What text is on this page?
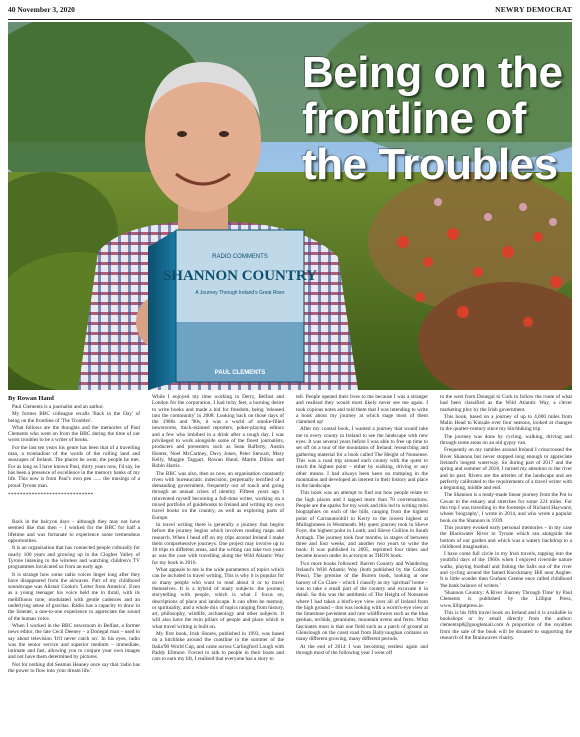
40 November 3, 2020	NEWRY DEMOCRAT
RADIO COMMENTS
SHANNON COUNTRY
A Journey Through Ireland's Great River
PAUL CLEMENTS
Being on the
frontline of
the Troubles

By Rowan Hand

Paul Clements is a journalist and an author.

My former BBC colleague recalls 'Back in the Day' of being on the frontline of 'The Troubles'.

What follows are the thoughts and the memories of Paul Clements who went on from the BBC during the time of our worst troubles to be a writer of books.

For the last ten years his genre has been that of a travelling man, a troubadour of the words of the rolling land and seascapes of Ireland. The places he went, the people he met. For as long as I have known Paul, thirty years now, I'd say, he has been a presence of excellence in the memory banks of my life. This now is from Paul's own pen ...... the musings of a proud Tyrone man.

*****************************

Back in the halcyon days – although they may not have seemed like that then – I worked for the BBC for half a lifetime and was fortunate to experience some tremendous opportunities.

It is an organisation that has connected people culturally for nearly 100 years and growing up in the Clogher Valley of Tyrone listening to the wireless and watching children's TV programmes inculcated us from an early age.

It is strange how some radio voices linger long after they have disappeared from the airwaves. Part of my childhood soundscape was Alistair Cooke's 'Letter from America'. Even as a young teenager his voice held me in thrall, with its mellifluous tone, modulated with gentle cadences and an underlying sense of gravitas. Radio has a capacity to draw in the listener, a one-to-one experience to appreciate the sound of the human voice.

When I worked in the BBC newsroom in Belfast, a former news editor, the late Cecil Deeney – a Donegal man – used to say about television 'It'll never catch on'. In his eyes, radio was the senior service and superior medium – immediate, intimate and fast, allowing you to conjure your own images and not have them determined by pictures.

Not for nothing did Seamus Heaney once say that 'radio has the power to flow into your dream life.'

While I enjoyed my time working in Derry, Belfast and London for the corporation, I had itchy feet, a burning desire to write books and made a bid for freedom, being 'released into the community' in 2008. Looking back on those days of the 1980s and '90s, it was a world of smoke-filled newsrooms, thick-skinned reporters, poker-playing editors and a few who imbibed in a drink after a tough day. I was privileged to work alongside some of the finest journalists, producers and presenters such as Sean Rafferty, Austin Hunter, Noel McCartney, Davy Jones, Peter Stewart, Mary Kelly, Maggie Taggart, Rowan Hand, Martin Dillon and Robin Harris.

The BBC was also, then as now, an organisation constantly riven with bureaucratic indecision, perpetually terrified of a demanding government, frequently out of touch and going through an annual crises of identity. Fifteen years ago I reinvented myself becoming a full-time writer, working on a mixed portfolio of guidebooks to Ireland and writing my own travel books on the country, as well as exploring parts of Europe.

In travel writing there is generally a journey that begins before the journey begins which involves reading maps and research. When I head off on my trips around Ireland I make them comprehensive journeys. One project may involve up to 10 trips to different areas, and the writing can take two years as was the case with travelling along the Wild Atlantic Way for my book in 2016.

What appeals to me is the wide parameters of topics which can be included in travel writing. This is why it is popular for so many people who want to read about it or to travel themselves. It is a hybrid of many subjects: the journey, storytelling with people, which is what I focus on, descriptions of place and landscape. It can often be memoir, or spirituality, and a whole mix of topics ranging from history, art, philosophy, wildlife, archaeology and other subjects. It will also have the twin pillars of people and place which is what travel writing is built on.

My first book, Irish Shores, published in 1993, was based on a hitchhike around the coastline in the summer of the Italia'90 World Cup, and came across Carlingford Lough with Paddy Ellmore. Forced to talk to people in their boats and cars to earn my lift, I realised that everyone has a story to

tell. People opened their lives to me because I was a stranger and realised they would most likely never see me again. I took copious notes and told them that I was intending to write a book about my journey at which stage most of them clammed up!

After my coastal book, I wanted a journey that would take me to every county in Ireland to see the landscape with new eyes. It was several years before I was able to free up time to set off on a tour of the mountains of Ireland, researching and gathering material for a book called The Height of Nonsense. This was a road trip around each county with the quest to reach the highest point – either by walking, driving or any other means. I had always been keen on tramping in the mountains and developed an interest in their history and place in the landscape.

This book was an attempt to find out how people relate to the high places and I tapped more than 70 conversations. People are the sparks for my work and this led to writing mini biographies on each of the hills, ranging from the highest point of Carrauntoohill in Kerry to the lowest highest at Mullaghmeen in Westmeath. My quest journey took in Slieve Foye, the highest point in Louth, and Slieve Gullion in South Armagh. The journey took four months, in stages of between three and four weeks, and another two years to write the book. It was published in 2005, reprinted four times and became known under its acronym as THON book.

Two more books followed: Burren Country and Wandering Ireland's Wild Atlantic Way (both published by the Collins Press). The premise of the Burren book, looking at one barony of Co Clare – which I classify as my 'spiritual' home – was to take a small part of the country and excavate it in detail. So this was the antithesis of The Height of Nonsense where I had taken a bird's-eye view over all of Ireland from the high ground – this was looking with a worm's-eye view at the limestone pavement and rare wildflowers such as the blue gentian, orchids, geraniums, mountain avens and ferns. What fascinates most is that one field such as a patch of ground at Glenslough on the coast road from Ballyvaughan contains so many different growing, many different periods.

At the end of 2014 I was becoming restless again and through most of the following year I went off

to the west from Donegal to Cork to follow the route of what had been classified as the Wild Atlantic Way, a clever marketing ploy by the Irish government.

This book, based on a journey of up to 4,000 miles from Malin Head to Kinsale over four seasons, looked at changes in the quarter-century since my hitchhiking trip.

The journey was done by cycling, walking, driving and through some areas on an old gypsy van.

Frequently on my rambles around Ireland I crisscrossed the River Shannon but never stopped long enough to appreciate Ireland's longest waterway. So during part of 2017 and the spring and summer of 2018, I turned my attention to the river and its past. Rivers are the arteries of the landscape and are perfectly calibrated to the requirements of a travel writer with a beginning, middle and end.

The Shannon is a ready-made linear journey from the Pot in Cavan to the estuary and stretches for some 224 miles. For this trip I was travelling in the footsteps of Richard Hayward, whose 'biography', I wrote in 2014, and who wrote a popular book on the Shannon in 1939.

This journey evoked early personal memories – in my case the Blackwater River in Tyrone which ran alongside the bottom of our garden and which was a watery backdrop to a childhood imagination.

I have come full circle in my Irish travels, tapping into the youthful days of the 1960s when I enjoyed riverside nature walks, playing football and fishing the balls out of the river and cycling around the famed Knockmany Hill near Augher. It is little wonder then Graham Greene once called childhood 'the bank balance of writers.'

'Shannon Country: A River Journey Through Time' by Paul Clements is published by the Lilliput Press, www.lilliputpress.ie.

This is his fifth travel book on Ireland and it is available in bookshops or by email directly from the author: clementsp8@googlemail.com A proportion of the royalties from the sale of the book will be donated to supporting the research of the Brainwaves charity.
